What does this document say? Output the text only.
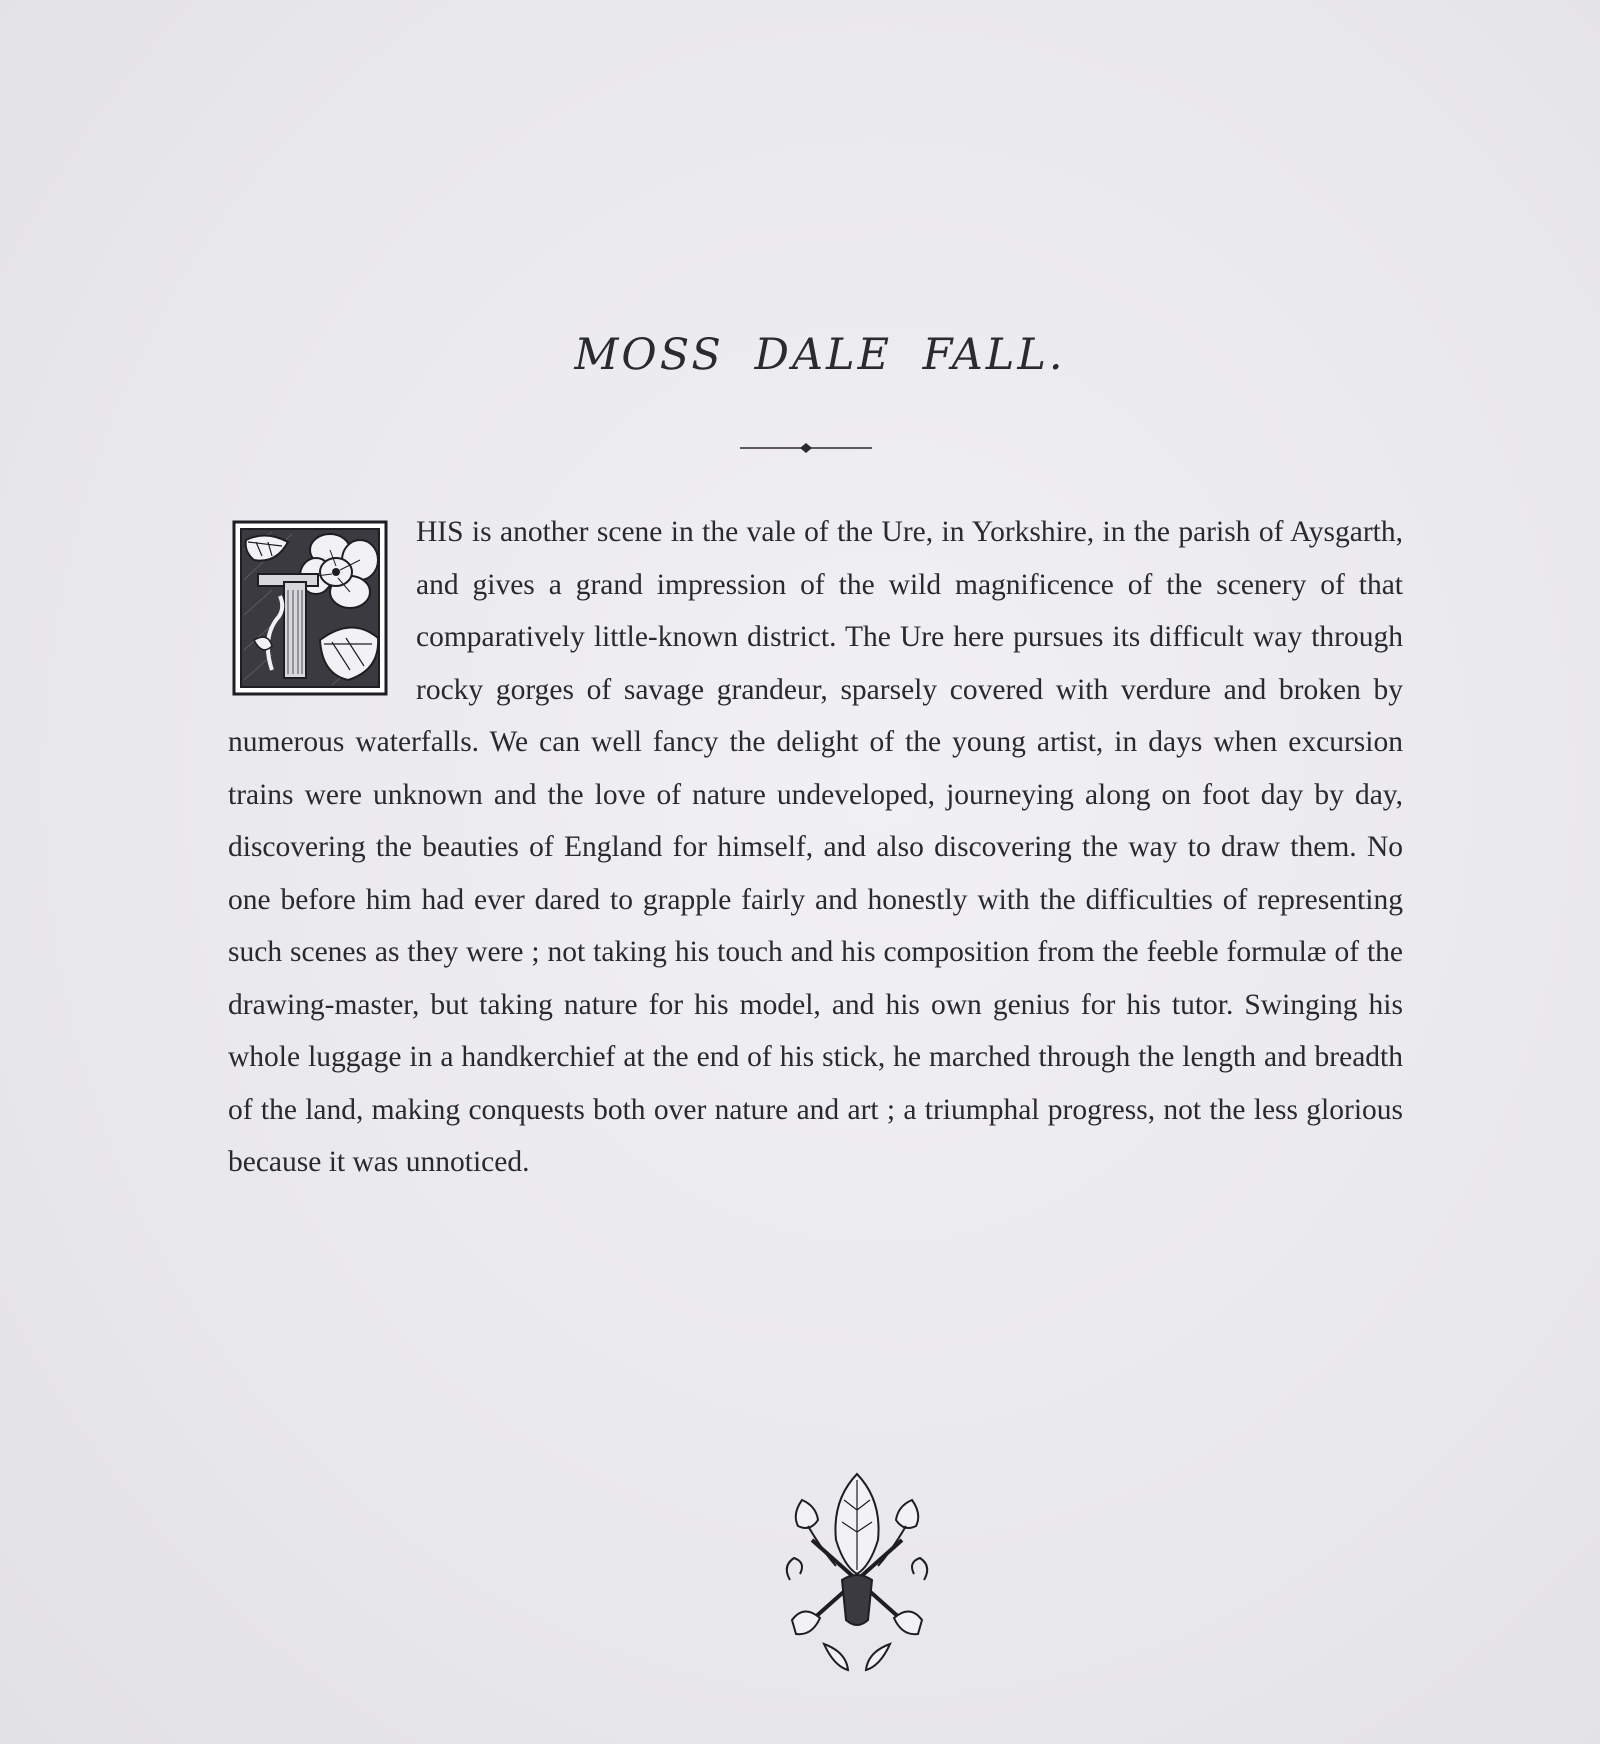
MOSS DALE FALL.

HIS is another scene in the vale of the Ure, in Yorkshire, in the parish of Aysgarth, and gives a grand impression of the wild magnificence of the scenery of that comparatively little-known district. The Ure here pursues its difficult way through rocky gorges of savage grandeur, sparsely covered with verdure and broken by numerous waterfalls. We can well fancy the delight of the young artist, in days when excursion trains were unknown and the love of nature undeveloped, journeying along on foot day by day, discovering the beauties of England for himself, and also discovering the way to draw them. No one before him had ever dared to grapple fairly and honestly with the difficulties of representing such scenes as they were ; not taking his touch and his composition from the feeble formulæ of the drawing-master, but taking nature for his model, and his own genius for his tutor. Swinging his whole luggage in a handkerchief at the end of his stick, he marched through the length and breadth of the land, making conquests both over nature and art ; a triumphal progress, not the less glorious because it was unnoticed.
